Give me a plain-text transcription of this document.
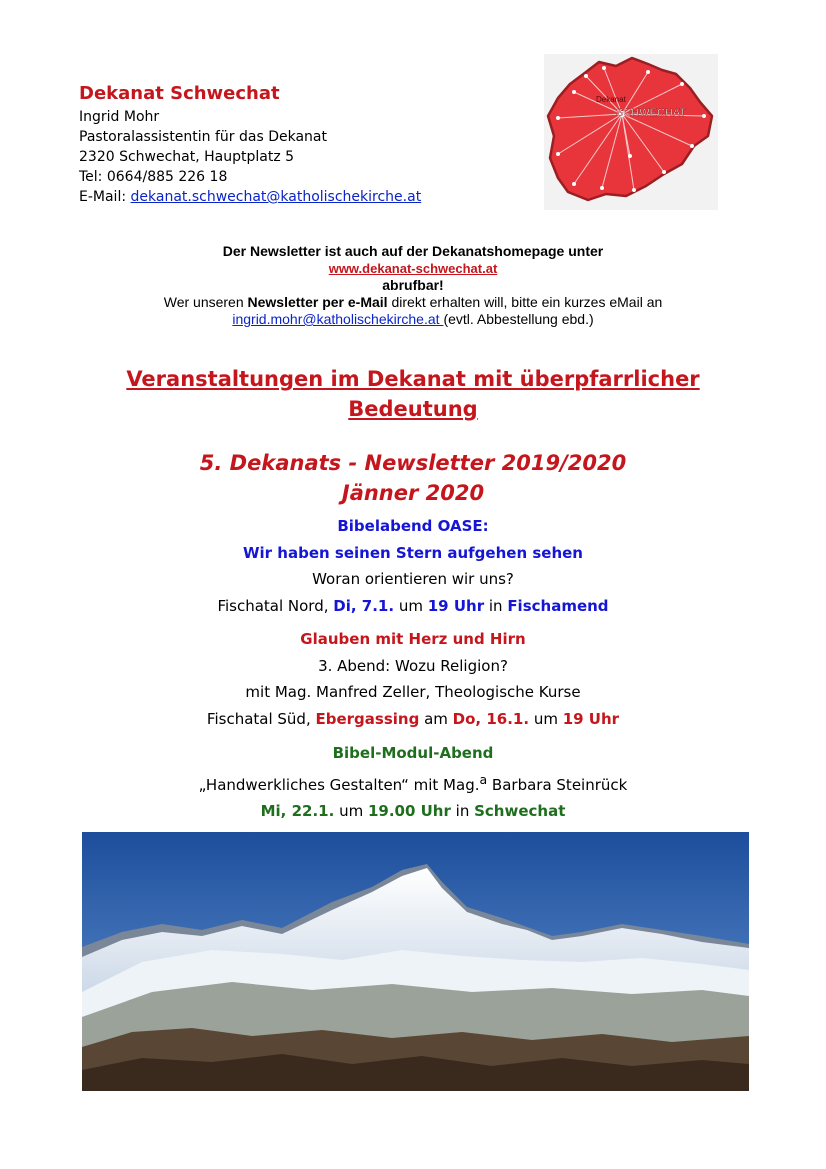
Dekanat Schwechat
Ingrid Mohr
Pastoralassistentin für das Dekanat
2320 Schwechat, Hauptplatz 5
Tel: 0664/885 226 18
E-Mail: dekanat.schwechat@katholischekirche.at
Dekanat
SCHWECHAT
Der Newsletter ist auch auf der Dekanatshomepage unter
www.dekanat-schwechat.at
abrufbar!
Wer unseren Newsletter per e-Mail direkt erhalten will, bitte ein kurzes eMail an
ingrid.mohr@katholischekirche.at (evtl. Abbestellung ebd.)
Veranstaltungen im Dekanat mit überpfarrlicher
Bedeutung
5. Dekanats - Newsletter 2019/2020
Jänner 2020
Bibelabend OASE:
Wir haben seinen Stern aufgehen sehen
Woran orientieren wir uns?
Fischatal Nord, Di, 7.1. um 19 Uhr in Fischamend
Glauben mit Herz und Hirn
3. Abend: Wozu Religion?
mit Mag. Manfred Zeller, Theologische Kurse
Fischatal Süd, Ebergassing am Do, 16.1. um 19 Uhr
Bibel-Modul-Abend
„Handwerkliches Gestalten“ mit Mag.$^a$ Barbara Steinrück
Mi, 22.1. um 19.00 Uhr in Schwechat
